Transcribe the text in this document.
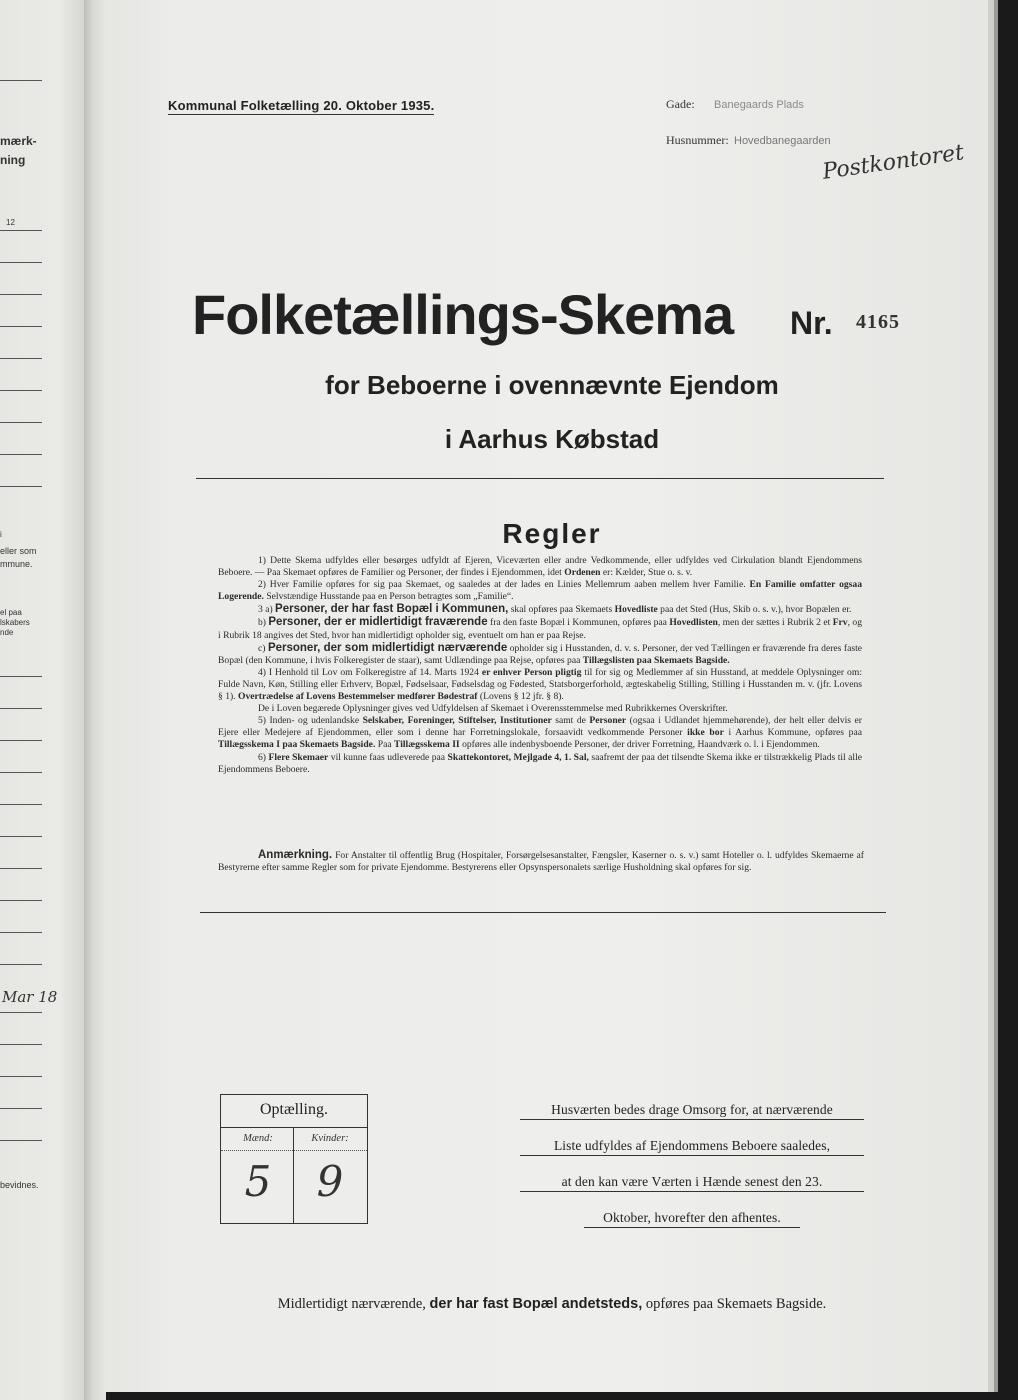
mærk-
ning
12
i
eller som
mmune.
el paa
lskabers
nde
Mar 18
bevidnes.
Kommunal Folketælling 20. Oktober 1935.	Gade: Banegaards Plads
Husnummer: Hovedbanegaarden
Postkontoret
Folketællings-Skema Nr. 4165
for Beboerne i ovennævnte Ejendom
i Aarhus Købstad
Regler

1) Dette Skema udfyldes eller besørges udfyldt af Ejeren, Viceværten eller andre Vedkommende, eller udfyldes ved Cirkulation blandt Ejendommens Beboere. — Paa Skemaet opføres de Familier og Personer, der findes i Ejendommen, idet Ordenen er: Kælder, Stue o. s. v.

2) Hver Familie opføres for sig paa Skemaet, og saaledes at der lades en Linies Mellemrum aaben mellem hver Familie. En Familie omfatter ogsaa Logerende. Selvstændige Husstande paa en Person betragtes som „Familie“.

3 a) Personer, der har fast Bopæl i Kommunen, skal opføres paa Skemaets Hovedliste paa det Sted (Hus, Skib o. s. v.), hvor Bopælen er.

b) Personer, der er midlertidigt fraværende fra den faste Bopæl i Kommunen, opføres paa Hovedlisten, men der sættes i Rubrik 2 et Frv, og i Rubrik 18 angives det Sted, hvor han midlertidigt opholder sig, eventuelt om han er paa Rejse.

c) Personer, der som midlertidigt nærværende opholder sig i Husstanden, d. v. s. Personer, der ved Tællingen er fraværende fra deres faste Bopæl (den Kommune, i hvis Folkeregister de staar), samt Udlændinge paa Rejse, opføres paa Tillægslisten paa Skemaets Bagside.

4) I Henhold til Lov om Folkeregistre af 14. Marts 1924 er enhver Person pligtig til for sig og Medlemmer af sin Husstand, at meddele Oplysninger om: Fulde Navn, Køn, Stilling eller Erhverv, Bopæl, Fødselsaar, Fødselsdag og Fødested, Statsborgerforhold, ægteskabelig Stilling, Stilling i Husstanden m. v. (jfr. Lovens § 1). Overtrædelse af Lovens Bestemmelser medfører Bødestraf (Lovens § 12 jfr. § 8).

De i Loven begærede Oplysninger gives ved Udfyldelsen af Skemaet i Overensstemmelse med Rubrikkernes Overskrifter.

5) Inden- og udenlandske Selskaber, Foreninger, Stiftelser, Institutioner samt de Personer (ogsaa i Udlandet hjemmehørende), der helt eller delvis er Ejere eller Medejere af Ejendommen, eller som i denne har Forretningslokale, forsaavidt vedkommende Personer ikke bor i Aarhus Kommune, opføres paa Tillægsskema I paa Skemaets Bagside. Paa Tillægsskema II opføres alle indenbysboende Personer, der driver Forretning, Haandværk o. l. i Ejendommen.

6) Flere Skemaer vil kunne faas udleverede paa Skattekontoret, Mejlgade 4, 1. Sal, saafremt der paa det tilsendte Skema ikke er tilstrækkelig Plads til alle Ejendommens Beboere.

Anmærkning. For Anstalter til offentlig Brug (Hospitaler, Forsørgelsesanstalter, Fængsler, Kaserner o. s. v.) samt Hoteller o. l. udfyldes Skemaerne af Bestyrerne efter samme Regler som for private Ejendomme. Bestyrerens eller Opsynspersonalets særlige Husholdning skal opføres for sig.

Optælling.
Mænd:	Kvinder:
5	9
Husværten bedes drage Omsorg for, at nærværende
Liste udfyldes af Ejendommens Beboere saaledes,
at den kan være Værten i Hænde senest den 23.
Oktober, hvorefter den afhentes.
Midlertidigt nærværende, der har fast Bopæl andetsteds, opføres paa Skemaets Bagside.
